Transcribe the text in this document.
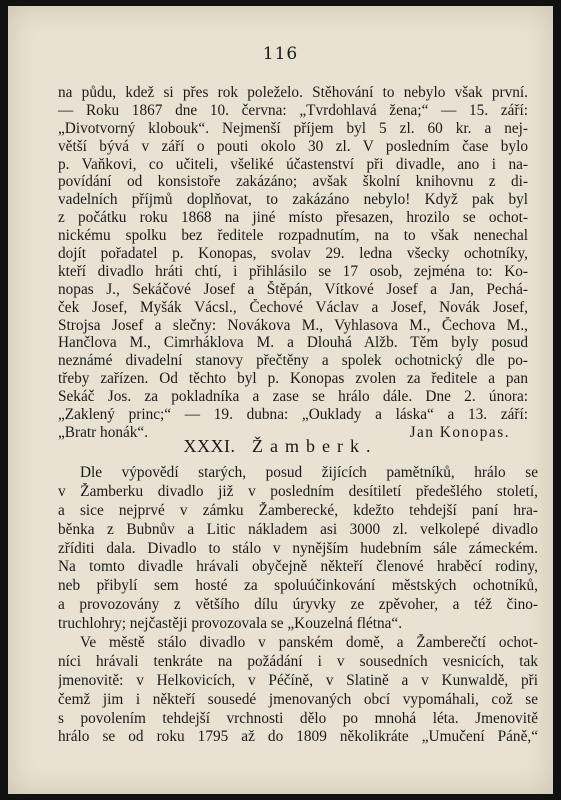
116
na půdu, kdež si přes rok poleželo. Stěhování to nebylo však první.
— Roku 1867 dne 10. června: „Tvrdohlavá žena;“ — 15. září:
„Divotvorný klobouk“. Nejmenší příjem byl 5 zl. 60 kr. a nej-
větší bývá v září o pouti okolo 30 zl. V posledním čase bylo
p. Vaňkovi, co učiteli, všeliké účastenství při divadle, ano i na-
povídání od konsistoře zakázáno; avšak školní knihovnu z di-
vadelních příjmů doplňovat, to zakázáno nebylo! Když pak byl
z počátku roku 1868 na jiné místo přesazen, hrozilo se ochot-
nickému spolku bez ředitele rozpadnutím, na to však nenechal
dojít pořadatel p. Konopas, svolav 29. ledna všecky ochotníky,
kteří divadlo hráti chtí, i přihlásilo se 17 osob, zejména to: Ko-
nopas J., Sekáčové Josef a Štěpán, Vítkové Josef a Jan, Pechá-
ček Josef, Myšák Vácsl., Čechové Václav a Josef, Novák Josef,
Strojsa Josef a slečny: Novákova M., Vyhlasova M., Čechova M.,
Hančlova M., Cimrháklova M. a Dlouhá Alžb. Těm byly posud
neznámé divadelní stanovy přečtěny a spolek ochotnický dle po-
třeby zařízen. Od těchto byl p. Konopas zvolen za ředitele a pan
Sekáč Jos. za pokladníka a zase se hrálo dále. Dne 2. února:
„Zaklený princ;“ — 19. dubna: „Ouklady a láska“ a 13. září:
„Bratr honák“.	Jan Konopas.
XXXI. Žamberk.
Dle výpovědí starých, posud žijících pamětníků, hrálo se
v Žamberku divadlo již v posledním desítiletí předešlého století,
a sice nejprvé v zámku Žamberecké, kdežto tehdejší paní hra-
běnka z Bubnův a Litic nákladem asi 3000 zl. velkolepé divadlo
zříditi dala. Divadlo to stálo v nynějším hudebním sále zámeckém.
Na tomto divadle hrávali obyčejně někteří členové hraběcí rodiny,
neb přibylí sem hosté za spoluúčinkování městských ochotníků,
a provozovány z většího dílu úryvky ze zpěvoher, a též čino-
truchlohry; nejčastěji provozovala se „Kouzelná flétna“.
Ve městě stálo divadlo v panském domě, a Žamberečtí ochot-
níci hrávali tenkráte na požádání i v sousedních vesnicích, tak
jmenovitě: v Helkovicích, v Péčíně, v Slatině a v Kunwaldě, při
čemž jim i někteří sousedé jmenovaných obcí vypomáhali, což se
s povolením tehdejší vrchnosti dělo po mnohá léta. Jmenovitě
hrálo se od roku 1795 až do 1809 několikráte „Umučení Páně,“
